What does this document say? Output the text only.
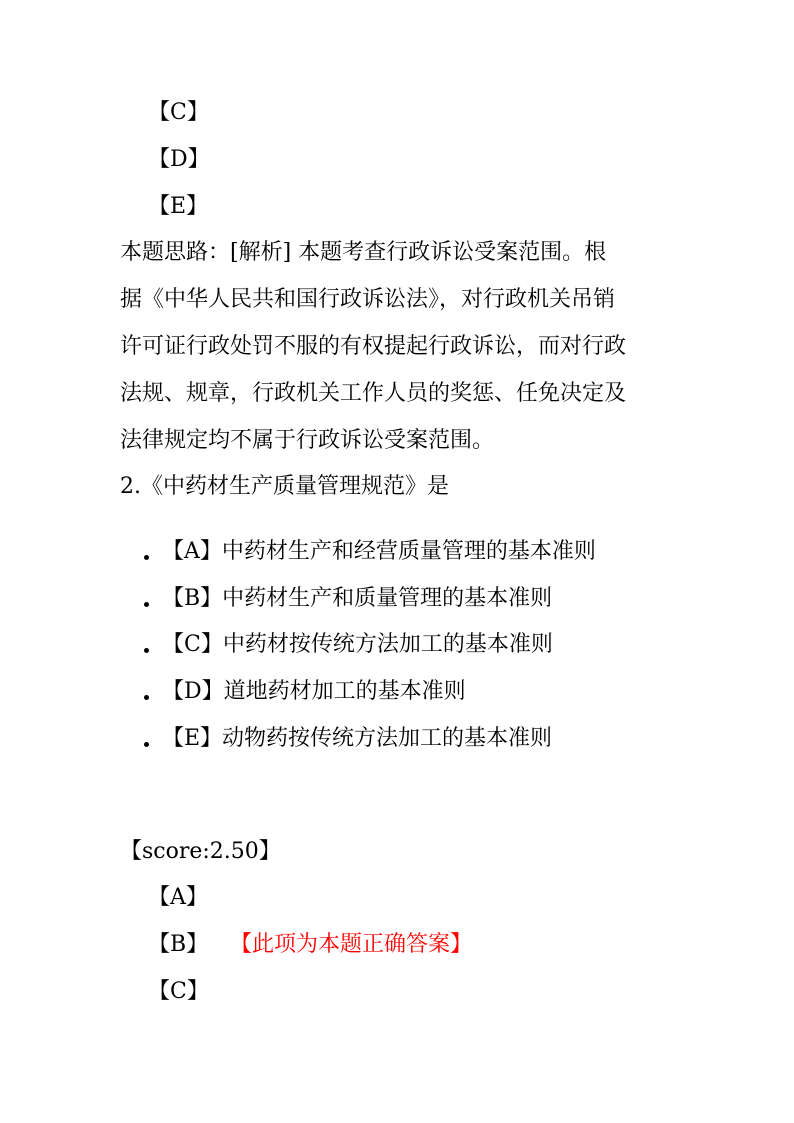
【C】
【D】
【E】
本题思路：[解析] 本题考查行政诉讼受案范围。根
据《中华人民共和国行政诉讼法》，对行政机关吊销
许可证行政处罚不服的有权提起行政诉讼，而对行政
法规、规章，行政机关工作人员的奖惩、任免决定及
法律规定均不属于行政诉讼受案范围。
2.《中药材生产质量管理规范》是
【A】中药材生产和经营质量管理的基本准则
【B】中药材生产和质量管理的基本准则
【C】中药材按传统方法加工的基本准则
【D】道地药材加工的基本准则
【E】动物药按传统方法加工的基本准则
【score:2.50】
【A】
【B】 【此项为本题正确答案】
【C】
